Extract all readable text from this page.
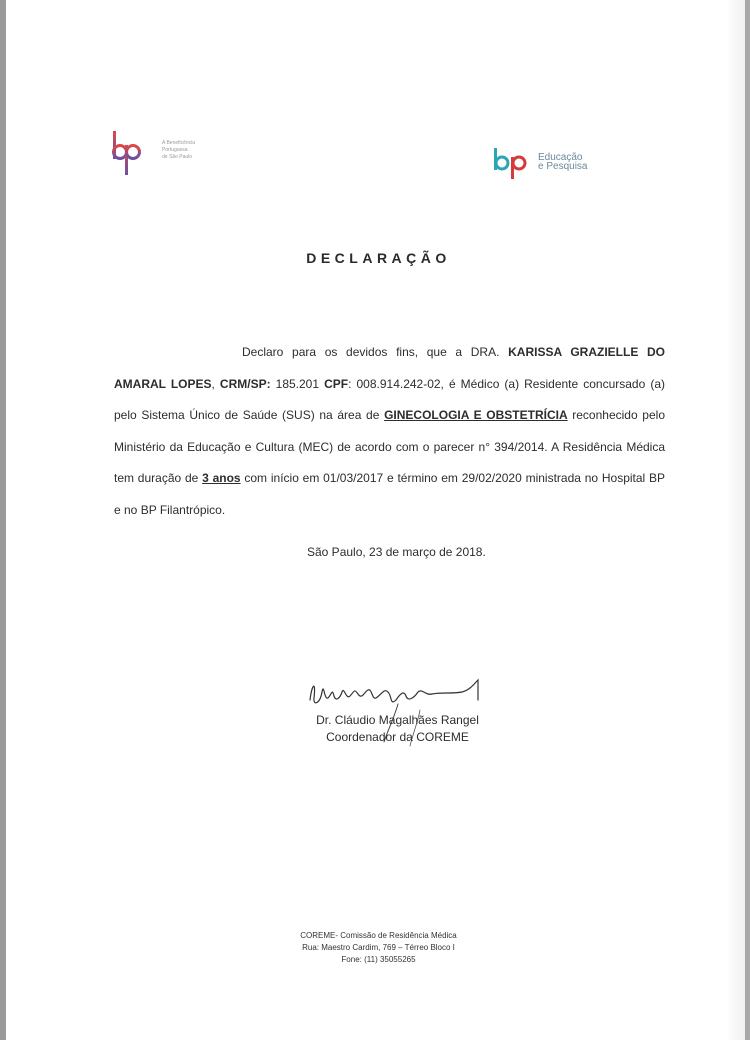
A Beneficência
Portuguesa
de São Paulo	Educação
e Pesquisa
DECLARAÇÃO
Declaro para os devidos fins, que a DRA. KARISSA GRAZIELLE DO AMARAL LOPES, CRM/SP: 185.201 CPF: 008.914.242-02, é Médico (a) Residente concursado (a) pelo Sistema Único de Saúde (SUS) na área de GINECOLOGIA E OBSTETRÍCIA reconhecido pelo Ministério da Educação e Cultura (MEC) de acordo com o parecer n° 394/2014. A Residência Médica tem duração de 3 anos com início em 01/03/2017 e término em 29/02/2020 ministrada no Hospital BP e no BP Filantrópico.
São Paulo, 23 de março de 2018.
Dr. Cláudio Magalhães Rangel
Coordenador da COREME
COREME- Comissão de Residência Médica
Rua: Maestro Cardim, 769 – Térreo Bloco I
Fone: (11) 35055265
